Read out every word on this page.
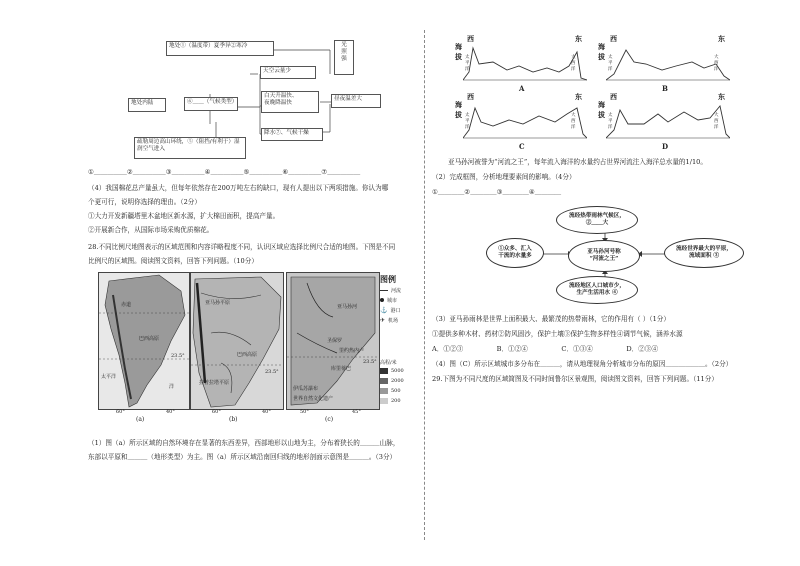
地处①（温度带）夏季异②寒冷	光
照
强
天空云量少
地处内陆	⑥＿＿（气候类型）
白天升温快、
夜晚降温快
昼夜温差大
疏勒周边高山环绕，⑤（阻挡/有利于）湿润空气进入
降水⑦、气候干燥
①＿＿＿＿＿②＿＿＿＿＿③＿＿＿＿＿④＿＿＿＿＿⑤＿＿＿＿＿⑥＿＿＿＿＿⑦＿＿＿＿＿
（4）我国棉花总产量虽大，但每年依然存在200万吨左右的缺口，现有人提出以下两项措施。你认为哪
个更可行，说明你选择的理由。（2分）
①大力开发新疆塔里木盆地区新水源，扩大棉田面积，提高产量。
②开展新合作，从国际市场采购优质棉花。
28.不同比例尺地图表示的区域范围和内容详略程度不同，认识区域应选择比例尺合适的地图。下图是不同
比例尺的区域图。阅读图文资料，回答下列问题。（10分）
赤道
巴西高原
太平洋
23.5°
洋
60°	40°
(a)
亚马孙平原
巴西高原
23.5°
拉普拉塔平原
60°	40°
(b)
亚马孙河
圣保罗
里约热内卢
库里蒂巴
23.5°
伊瓜苏瀑布
世界自然文化遗产
50°	45°
(c)
图例
河流
城市
⚓ 港口
✈ 机场
高程/米
5000
2000
500
200
（1）图（a）所示区域的自然环境存在显著的东西差异，西部地形以山地为主，分布着狭长的＿＿＿山脉，
东部以平原和＿＿＿（地形类型）为主。图（a）所示区域沿南回归线的地形剖面示意图是＿＿＿。（3分）
海拔
西	东
太平洋
大西洋
A
海拔
西	东
太平洋
大西洋
B
海拔
西	东
太平洋
大西洋
C
海拔
西	东
太平洋
大西洋
D
亚马孙河被誉为“河流之王”，每年流入海洋的水量约占世界河流注入海洋总水量的1/10。
（2）完成框图，分析地理要素间的影响。（4分）
①＿＿＿＿②＿＿＿＿③＿＿＿＿④＿＿＿＿
流经热带雨林气候区，
②＿＿大
①众多、汇入
干流的水量多
亚马孙河号称
“河流之王”
流经世界最大的平原，
流域面积 ③
流经地区人口城市少，
生产生活用水 ④
（3）亚马孙雨林是世界上面积最大、最繁茂的热带雨林，它的作用有（ ）（1分）
①提供多种木材、药材②防风固沙，保护土壤③保护生物多样性④调节气候，涵养水源
A．①②③                B．①②④                C．①③④                D．②③④
（4）图（C）所示区域城市多分布在＿＿＿，请从地理视角分析城市分布的原因＿＿＿＿＿＿。（2分）
29.下图为不同尺度的区域简图及不同时间鲁尔区景观图，阅读图文资料，回答下列问题。（11分）
